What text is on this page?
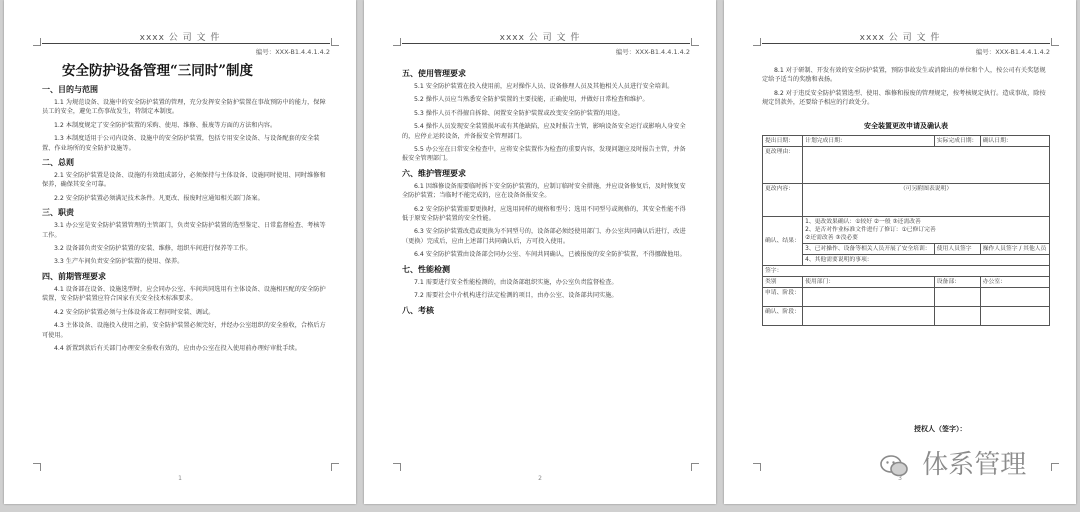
xxxx 公 司 文 件
编号：XXX-B1.4.4.1.4.2
安全防护设备管理“三同时”制度
一、目的与范围
1.1 为规范设备、设施中的安全防护装置的管理，充分发挥安全防护装置在事故预防中的能力，保障员工的安全，避免工伤事故发生，特制定本制度。
1.2 本制度规定了安全防护装置的采购、使用、维修、报废等方面的方法和内容。
1.3 本制度适用于公司内设备、设施中的安全防护装置，包括专用安全设备、与设备配套的安全装置、作业场所的安全防护设施等。
二、总则
2.1 安全防护装置是设备、设施的有效组成部分，必须保持与主体设备、设施同时使用、同时维修和保养，确保其安全可靠。
2.2 安全防护装置必须满足技术条件。凡更改、报废时应通知相关部门备案。
三、职责
3.1 办公室是安全防护装置管理的主管部门，负责安全防护装置的选型鉴定、日常监督检查、考核等工作。
3.2 设备部负责安全防护装置的安装、维修，组织车间进行保养等工作。
3.3 生产车间负责安全防护装置的使用、保养。
四、前期管理要求
4.1 设备部在设备、设施选型时，应会同办公室、车间共同选用有主体设备、设施相匹配的安全防护装置，安全防护装置应符合国家有关安全技术标准要求。
4.2 安全防护装置必须与主体设备或工程同时安装、调试。
4.3 主体设备、设施投入使用之前，安全防护装置必须完好，并经办公室组织的安全验收，合格后方可使用。
4.4 新置到款后有关部门办理安全验收有效的，应由办公室在投入使用前办理好审批手续。
1
xxxx 公 司 文 件
编号：XXX-B1.4.4.1.4.2
五、使用管理要求
5.1 安全防护装置在投入使用前，应对操作人员、设备修理人员及其他相关人员进行安全培训。
5.2 操作人员应当熟悉安全防护装置的主要技能，正确使用，并做好日常检查和维护。
5.3 操作人员不得擅自拆除、闲置安全防护装置或改变安全防护装置的用途。
5.4 操作人员发现安全装置损坏或有其他缺陷，应及时报告主管，影响设备安全运行或影响人身安全的，应停止运转设备，并备报安全管理部门。
5.5 办公室在日常安全检查中，应将安全装置作为检查的重要内容，发现问题应及时报告主管，并备报安全管理部门。
六、维护管理要求
6.1 因维修设备需要临时拆下安全防护装置的，应制订临时安全措施，并应设备修复后，及时恢复安全防护装置；当临时不能完成的，应在设备备报安全。
6.2 安全防护装置需要更换时，应选用同样的规格和型号；选用不同型号或规格的，其安全性能不得低于原安全防护装置的安全性能。
6.3 安全防护装置改造或更换为不同型号的，设备部必须经使用部门、办公室共同确认后进行，改进（更换）完成后，应由上述部门共同确认后，方可投入使用。
6.4 安全防护装置由设备部会同办公室、车间共同确认，已被报废的安全防护装置，不得挪做他用。
七、性能检测
7.1 需要进行安全性能检测的，由设备部组织实施，办公室负责监督检查。
7.2 需要社会中介机构进行法定检测的项目，由办公室、设备部共同实施。
八、考核
2
xxxx 公 司 文 件
编号：XXX-B1.4.4.1.4.2
8.1 对于研制、开发有效的安全防护装置，预防事故发生或消除出的单位和个人，按公司有关奖惩规定给予适当的奖励和表扬。
8.2 对于违反安全防护装置选型、使用、维修和报废的管理规定，按考核规定执行。造成事故，除按规定罚款外，还要给予相应的行政处分。
安全装置更改申请及确认表
提出日期：	计划完成日期：	实际完成日期：	确认日期：
更改理由：			
更改内容：	（可另附图表说明）		
确认、结果：	1、更改效果确认：①较好 ②一般 ③还需改善
2、是否对作业标准文件进行了修订：①已修订完善
②还需改善 ③没必要		

	3、已对操作、设备等相关人员开展了安全培训：	使用人员签字	操作人员签字 / 其他人员
	4、其他需要说明的事项：		
签字：			
类别	使用部门：	设备部：	办公室：
申请、阶段：			
确认、阶段：			
授权人（签字）：
3 体系管理
